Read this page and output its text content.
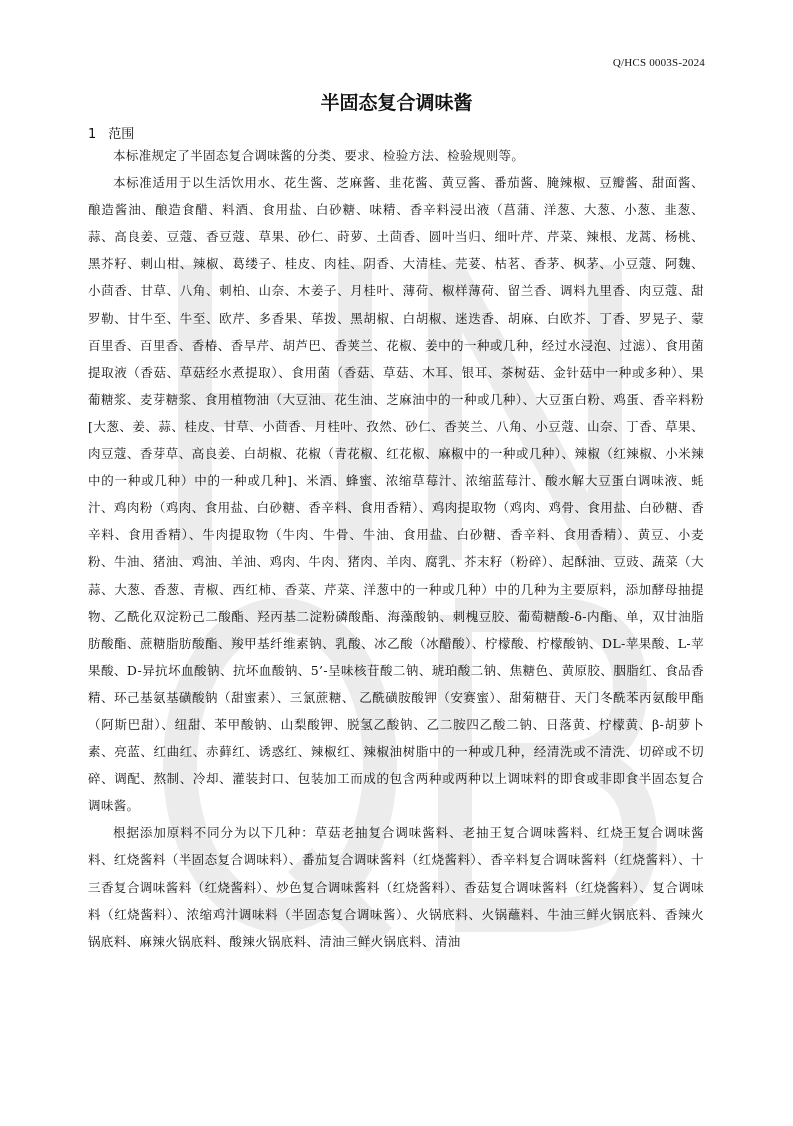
Q/HCS 0003S-2024
半固态复合调味酱
1 范围

本标准规定了半固态复合调味酱的分类、要求、检验方法、检验规则等。

本标准适用于以生活饮用水、花生酱、芝麻酱、韭花酱、黄豆酱、番茄酱、腌辣椒、豆瓣酱、甜面酱、酿造酱油、酿造食醋、料酒、食用盐、白砂糖、味精、香辛料浸出液（菖蒲、洋葱、大葱、小葱、韭葱、蒜、高良姜、豆蔻、香豆蔻、草果、砂仁、莳萝、土茴香、圆叶当归、细叶芹、芹菜、辣根、龙蒿、杨桃、黑芥籽、刺山柑、辣椒、葛缕子、桂皮、肉桂、阴香、大清桂、芫荽、枯茗、香茅、枫茅、小豆蔻、阿魏、小茴香、甘草、八角、刺柏、山奈、木姜子、月桂叶、薄荷、椒样薄荷、留兰香、调料九里香、肉豆蔻、甜罗勒、甘牛至、牛至、欧芹、多香果、荜拨、黑胡椒、白胡椒、迷迭香、胡麻、白欧芥、丁香、罗晃子、蒙百里香、百里香、香椿、香旱芹、胡芦巴、香荚兰、花椒、姜中的一种或几种，经过水浸泡、过滤）、食用菌提取液（香菇、草菇经水煮提取）、食用菌（香菇、草菇、木耳、银耳、茶树菇、金针菇中一种或多种）、果葡糖浆、麦芽糖浆、食用植物油（大豆油、花生油、芝麻油中的一种或几种）、大豆蛋白粉、鸡蛋、香辛料粉[大葱、姜、蒜、桂皮、甘草、小茴香、月桂叶、孜然、砂仁、香荚兰、八角、小豆蔻、山奈、丁香、草果、肉豆蔻、香芽草、高良姜、白胡椒、花椒（青花椒、红花椒、麻椒中的一种或几种）、辣椒（红辣椒、小米辣中的一种或几种）中的一种或几种]、米酒、蜂蜜、浓缩草莓汁、浓缩蓝莓汁、酸水解大豆蛋白调味液、蚝汁、鸡肉粉（鸡肉、食用盐、白砂糖、香辛料、食用香精）、鸡肉提取物（鸡肉、鸡骨、食用盐、白砂糖、香辛料、食用香精）、牛肉提取物（牛肉、牛骨、牛油、食用盐、白砂糖、香辛料、食用香精）、黄豆、小麦粉、牛油、猪油、鸡油、羊油、鸡肉、牛肉、猪肉、羊肉、腐乳、芥末籽（粉碎）、起酥油、豆豉、蔬菜（大蒜、大葱、香葱、青椒、西红柿、香菜、芹菜、洋葱中的一种或几种）中的几种为主要原料，添加酵母抽提物、乙酰化双淀粉己二酸酯、羟丙基二淀粉磷酸酯、海藻酸钠、刺槐豆胶、葡萄糖酸-δ-内酯、单，双甘油脂肪酸酯、蔗糖脂肪酸酯、羧甲基纤维素钠、乳酸、冰乙酸（冰醋酸）、柠檬酸、柠檬酸钠、DL-苹果酸、L-苹果酸、D-异抗坏血酸钠、抗坏血酸钠、5’-呈味核苷酸二钠、琥珀酸二钠、焦糖色、黄原胶、胭脂红、食品香精、环己基氨基磺酸钠（甜蜜素）、三氯蔗糖、 乙酰磺胺酸钾（安赛蜜）、甜菊糖苷、天门冬酰苯丙氨酸甲酯（阿斯巴甜）、纽甜、苯甲酸钠、山梨酸钾、脱氢乙酸钠、乙二胺四乙酸二钠、日落黄、柠檬黄、β-胡萝卜素、亮蓝、红曲红、赤藓红、诱惑红、辣椒红、辣椒油树脂中的一种或几种，经清洗或不清洗、切碎或不切碎、调配、熬制、冷却、灌装封口、包装加工而成的包含两种或两种以上调味料的即食或非即食半固态复合调味酱。

根据添加原料不同分为以下几种：草菇老抽复合调味酱料、老抽王复合调味酱料、红烧王复合调味酱料、红烧酱料（半固态复合调味料）、番茄复合调味酱料（红烧酱料）、香辛料复合调味酱料（红烧酱料）、十三香复合调味酱料（红烧酱料）、炒色复合调味酱料（红烧酱料）、香菇复合调味酱料（红烧酱料）、复合调味料（红烧酱料）、浓缩鸡汁调味料（半固态复合调味酱）、火锅底料、火锅蘸料、牛油三鲜火锅底料、香辣火锅底料、麻辣火锅底料、酸辣火锅底料、清油三鲜火锅底料、清油
